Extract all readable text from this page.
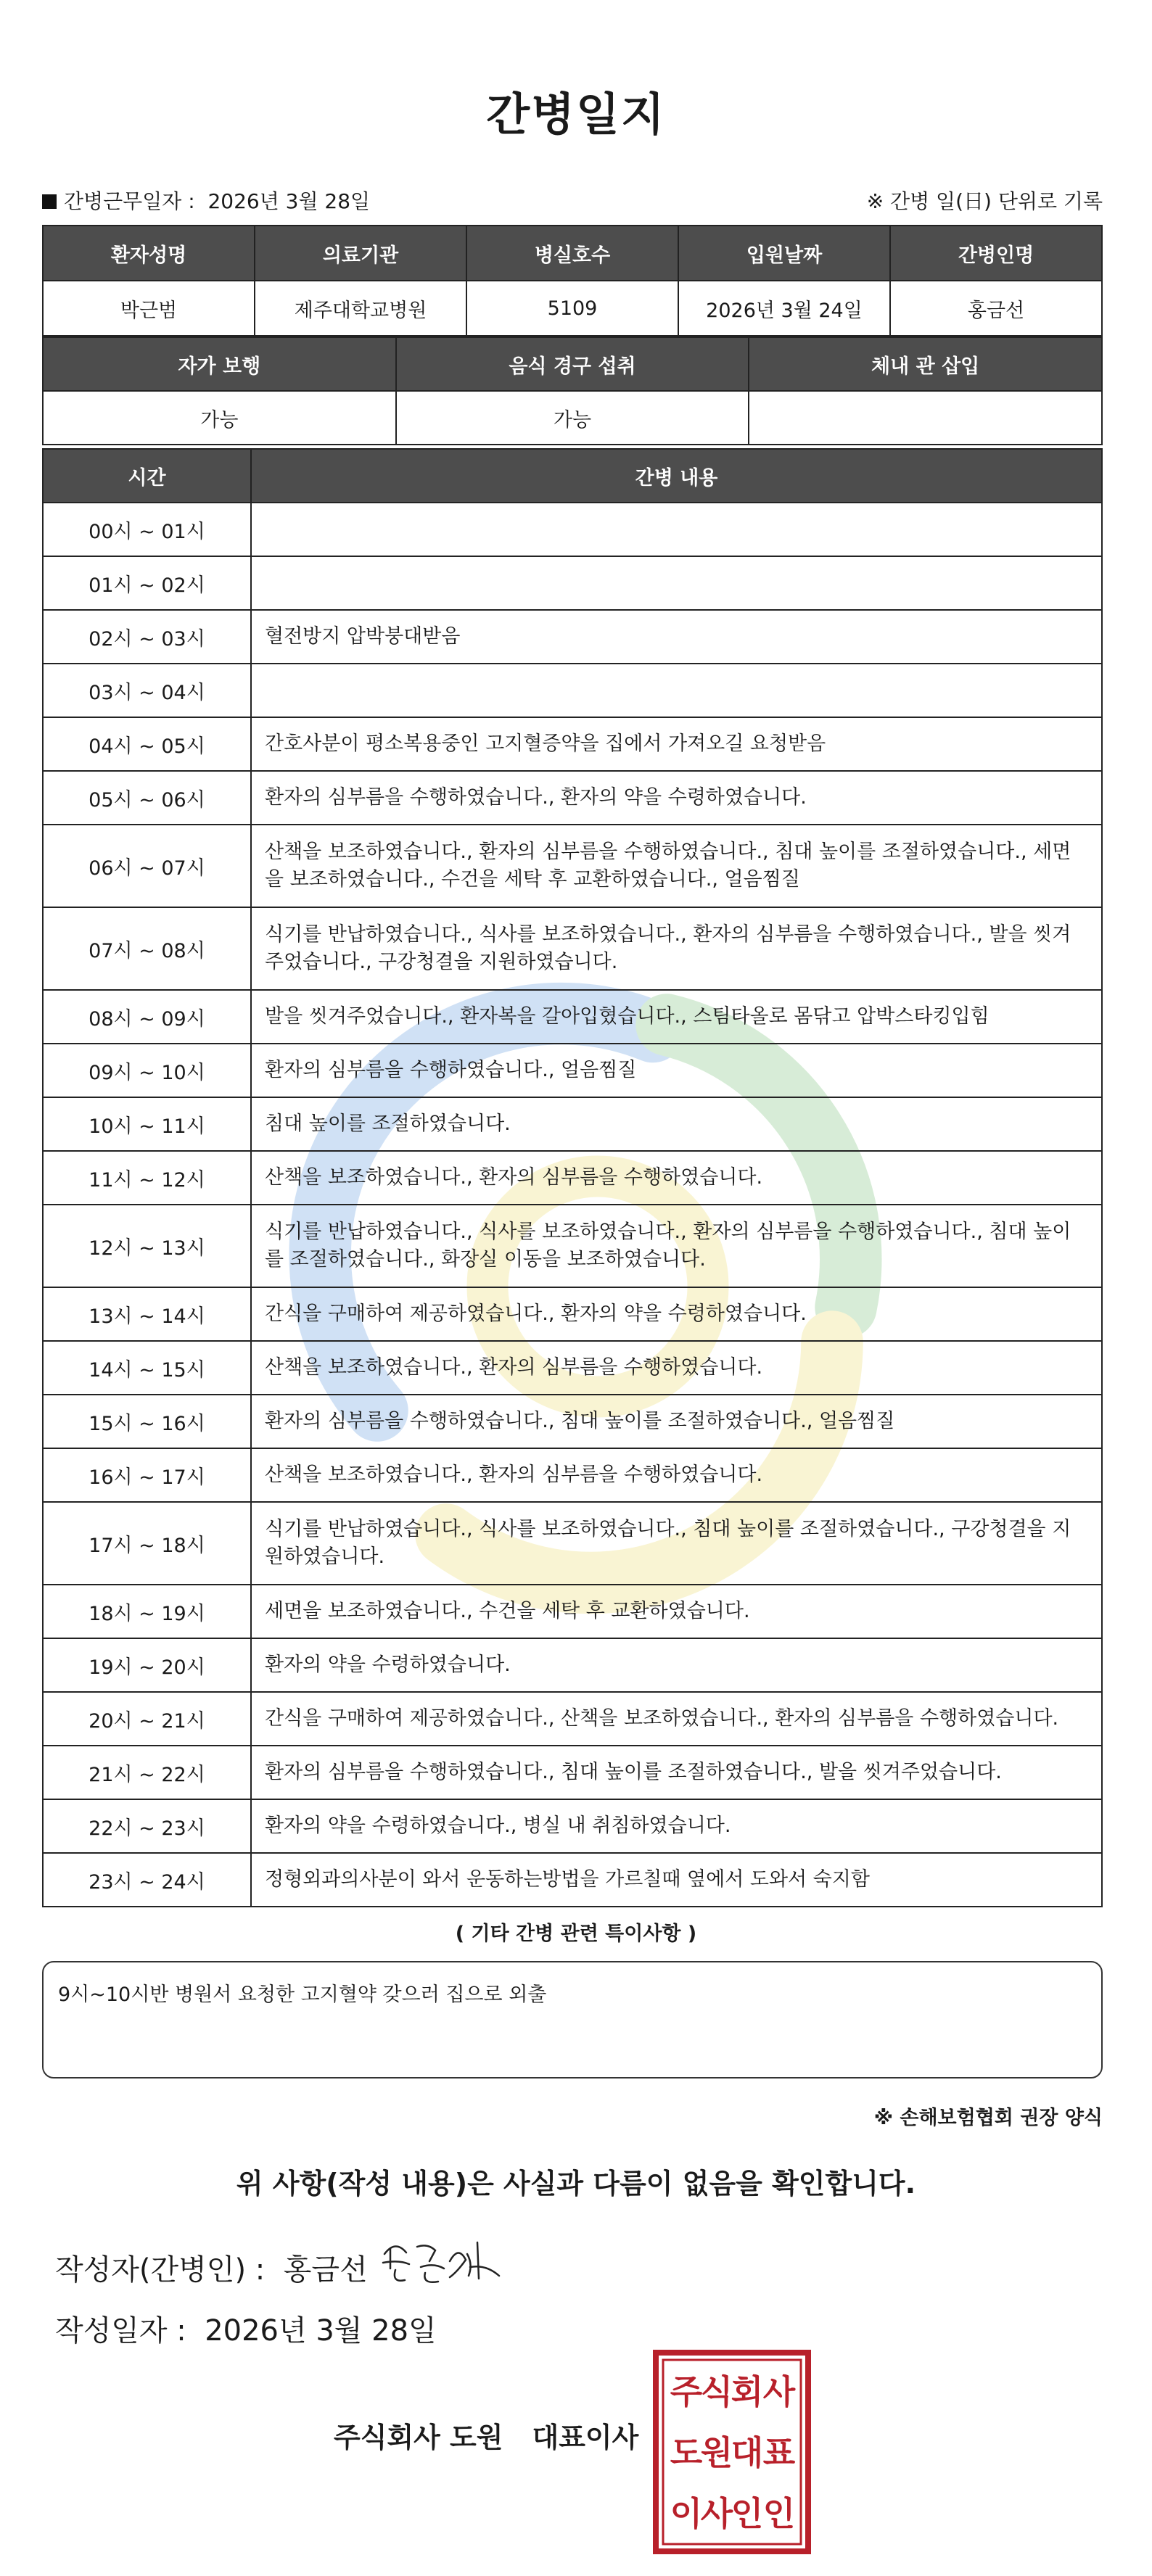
간병일지
간병근무일자 : 2026년 3월 28일	※ 간병 일(日) 단위로 기록
환자성명	의료기관	병실호수	입원날짜	간병인명
박근범	제주대학교병원	5109	2026년 3월 24일	홍금선
자가 보행	음식 경구 섭취	체내 관 삽입
가능	가능	
시간	간병 내용
00시 ~ 01시	
01시 ~ 02시	
02시 ~ 03시	혈전방지 압박붕대받음
03시 ~ 04시	
04시 ~ 05시	간호사분이 평소복용중인 고지혈증약을 집에서 가져오길 요청받음
05시 ~ 06시	환자의 심부름을 수행하였습니다., 환자의 약을 수령하였습니다.
06시 ~ 07시	산책을 보조하였습니다., 환자의 심부름을 수행하였습니다., 침대 높이를 조절하였습니다., 세면을 보조하였습니다., 수건을 세탁 후 교환하였습니다., 얼음찜질
07시 ~ 08시	식기를 반납하였습니다., 식사를 보조하였습니다., 환자의 심부름을 수행하였습니다., 발을 씻겨주었습니다., 구강청결을 지원하였습니다.
08시 ~ 09시	발을 씻겨주었습니다., 환자복을 갈아입혔습니다., 스팀타올로 몸닦고 압박스타킹입힘
09시 ~ 10시	환자의 심부름을 수행하였습니다., 얼음찜질
10시 ~ 11시	침대 높이를 조절하였습니다.
11시 ~ 12시	산책을 보조하였습니다., 환자의 심부름을 수행하였습니다.
12시 ~ 13시	식기를 반납하였습니다., 식사를 보조하였습니다., 환자의 심부름을 수행하였습니다., 침대 높이를 조절하였습니다., 화장실 이동을 보조하였습니다.
13시 ~ 14시	간식을 구매하여 제공하였습니다., 환자의 약을 수령하였습니다.
14시 ~ 15시	산책을 보조하였습니다., 환자의 심부름을 수행하였습니다.
15시 ~ 16시	환자의 심부름을 수행하였습니다., 침대 높이를 조절하였습니다., 얼음찜질
16시 ~ 17시	산책을 보조하였습니다., 환자의 심부름을 수행하였습니다.
17시 ~ 18시	식기를 반납하였습니다., 식사를 보조하였습니다., 침대 높이를 조절하였습니다., 구강청결을 지원하였습니다.
18시 ~ 19시	세면을 보조하였습니다., 수건을 세탁 후 교환하였습니다.
19시 ~ 20시	환자의 약을 수령하였습니다.
20시 ~ 21시	간식을 구매하여 제공하였습니다., 산책을 보조하였습니다., 환자의 심부름을 수행하였습니다.
21시 ~ 22시	환자의 심부름을 수행하였습니다., 침대 높이를 조절하였습니다., 발을 씻겨주었습니다.
22시 ~ 23시	환자의 약을 수령하였습니다., 병실 내 취침하였습니다.
23시 ~ 24시	정형외과의사분이 와서 운동하는방법을 가르칠때 옆에서 도와서 숙지함
( 기타 간병 관련 특이사항 )
9시~10시반 병원서 요청한 고지혈약 갖으러 집으로 외출
※ 손해보험협회 권장 양식
위 사항(작성 내용)은 사실과 다름이 없음을 확인합니다.
작성자(간병인) : 홍금선
작성일자 : 2026년 3월 28일
주식회사 도원 대표이사
주
식
회 사
도
원
대 표
이
사
인 인
